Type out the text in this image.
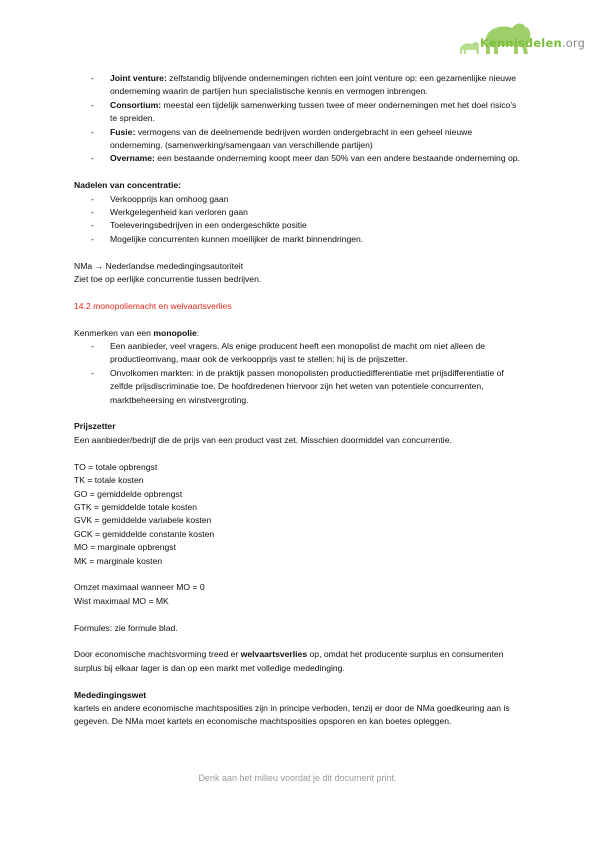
Kennisdelen.org
- Joint venture: zelfstandig blijvende ondernemingen richten een joint venture op: een gezamenlijke nieuwe onderneming waarin de partijen hun specialistische kennis en vermogen inbrengen.
- Consortium: meestal een tijdelijk samenwerking tussen twee of meer ondernemingen met het doel risico’s te spreiden.
- Fusie: vermogens van de deelnemende bedrijven worden ondergebracht in een geheel nieuwe onderneming. (samenwerking/samengaan van verschillende partijen)
- Overname: een bestaande onderneming koopt meer dan 50% van een andere bestaande onderneming op.

Nadelen van concentratie:

- Verkoopprijs kan omhoog gaan
- Werkgelegenheid kan verloren gaan
- Toeleveringsbedrijven in een ondergeschikte positie
- Mogelijke concurrenten kunnen moeilijker de markt binnendringen.

NMa → Nederlandse mededingingsautoriteit

Ziet toe op eerlijke concurrentie tussen bedrijven.

14.2 monopoliemacht en welvaartsverlies

Kenmerken van een monopolie:

- Een aanbieder, veel vragers. Als enige producent heeft een monopolist de macht om niet alleen de productieomvang, maar ook de verkoopprijs vast te stellen: hij is de prijszetter.
- Onvolkomen markten: in de praktijk passen monopolisten productiedifferentiatie met prijsdifferentiatie of zelfde prijsdiscriminatie toe. De hoofdredenen hiervoor zijn het weten van potentiele concurrenten, marktbeheersing en winstvergroting.

Prijszetter

Een aanbieder/bedrijf die de prijs van een product vast zet. Misschien doormiddel van concurrentie.

TO = totale opbrengst

TK = totale kosten

GO = gemiddelde opbrengst

GTK = gemiddelde totale kosten

GVK = gemiddelde variabele kosten

GCK = gemiddelde constante kosten

MO = marginale opbrengst

MK = marginale kosten

Omzet maximaal wanneer MO = 0

Wist maximaal MO = MK

Formules: zie formule blad.

Door economische machtsvorming treed er welvaartsverlies op, omdat het producente surplus en consumenten surplus bij elkaar lager is dan op een markt met volledige mededinging.

Mededingingswet

kartels en andere economische machtsposities zijn in principe verboden, tenzij er door de NMa goedkeuring aan is gegeven. De NMa moet kartels en economische machtsposities opsporen en kan boetes opleggen.

Denk aan het milieu voordat je dit document print.
